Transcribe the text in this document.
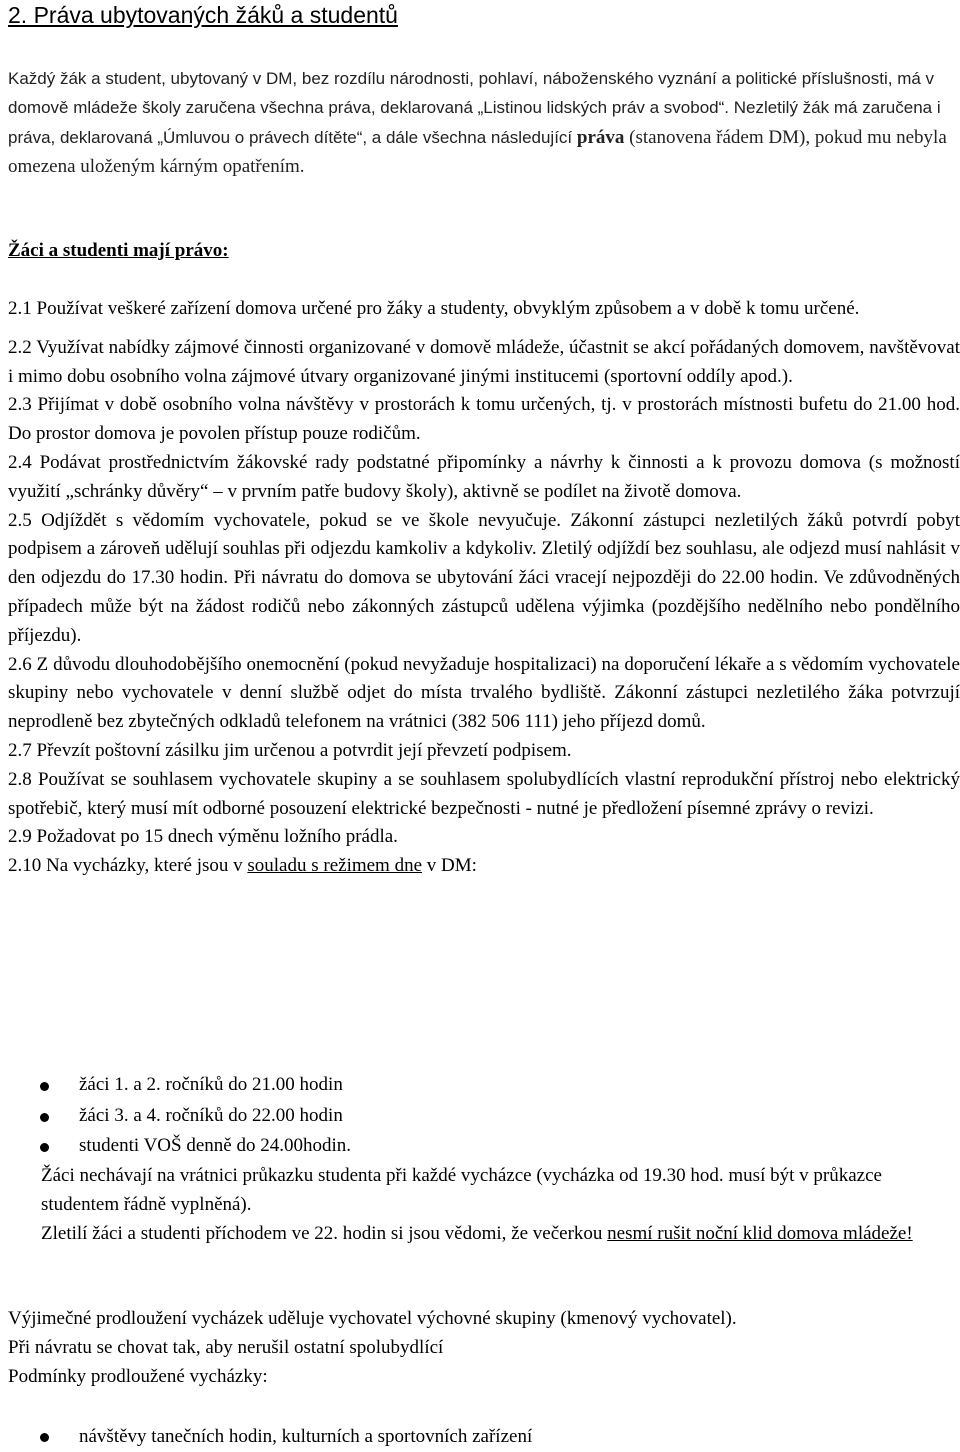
2. Práva ubytovaných žáků a studentů
Každý žák a student, ubytovaný v DM, bez rozdílu národnosti, pohlaví, náboženského vyznání a politické příslušnosti, má v domově mládeže školy zaručena všechna práva, deklarovaná „Listinou lidských práv a svobod“. Nezletilý žák má zaručena i práva, deklarovaná „Úmluvou o právech dítěte“, a dále všechna následující práva (stanovena řádem DM), pokud mu nebyla omezena uloženým kárným opatřením.
Žáci a studenti mají právo:

2.1 Používat veškeré zařízení domova určené pro žáky a studenty, obvyklým způsobem a v době k tomu určené.

2.2 Využívat nabídky zájmové činnosti organizované v domově mládeže, účastnit se akcí pořádaných domovem, navštěvovat i mimo dobu osobního volna zájmové útvary organizované jinými institucemi (sportovní oddíly apod.).

2.3 Přijímat v době osobního volna návštěvy v prostorách k tomu určených, tj. v prostorách místnosti bufetu do 21.00 hod. Do prostor domova je povolen přístup pouze rodičům.

2.4 Podávat prostřednictvím žákovské rady podstatné připomínky a návrhy k činnosti a k provozu domova (s možností využití „schránky důvěry“ – v prvním patře budovy školy), aktivně se podílet na životě domova.

2.5 Odjíždět s vědomím vychovatele, pokud se ve škole nevyučuje. Zákonní zástupci nezletilých žáků potvrdí pobyt podpisem a zároveň udělují souhlas při odjezdu kamkoliv a kdykoliv. Zletilý odjíždí bez souhlasu, ale odjezd musí nahlásit v den odjezdu do 17.30 hodin. Při návratu do domova se ubytování žáci vracejí nejpozději do 22.00 hodin. Ve zdůvodněných případech může být na žádost rodičů nebo zákonných zástupců udělena výjimka (pozdějšího nedělního nebo pondělního příjezdu).

2.6 Z důvodu dlouhodobějšího onemocnění (pokud nevyžaduje hospitalizaci) na doporučení lékaře a s vědomím vychovatele skupiny nebo vychovatele v denní službě odjet do místa trvalého bydliště. Zákonní zástupci nezletilého žáka potvrzují neprodleně bez zbytečných odkladů telefonem na vrátnici (382 506 111) jeho příjezd domů.

2.7 Převzít poštovní zásilku jim určenou a potvrdit její převzetí podpisem.

2.8 Používat se souhlasem vychovatele skupiny a se souhlasem spolubydlících vlastní reprodukční přístroj nebo elektrický spotřebič, který musí mít odborné posouzení elektrické bezpečnosti - nutné je předložení písemné zprávy o revizi.

2.9 Požadovat po 15 dnech výměnu ložního prádla.

2.10 Na vycházky, které jsou v souladu s režimem dne v DM:

žáci 1. a 2. ročníků do 21.00 hodin
žáci 3. a 4. ročníků do 22.00 hodin
studenti VOŠ denně do 24.00hodin.

Žáci nechávají na vrátnici průkazku studenta při každé vycházce (vycházka od 19.30 hod. musí být v průkazce studentem řádně vyplněná).

Zletilí žáci a studenti příchodem ve 22. hodin si jsou vědomi, že večerkou nesmí rušit noční klid domova mládeže!

Výjimečné prodloužení vycházek uděluje vychovatel výchovné skupiny (kmenový vychovatel).

Při návratu se chovat tak, aby nerušil ostatní spolubydlící

Podmínky prodloužené vycházky:

návštěvy tanečních hodin, kulturních a sportovních zařízení
